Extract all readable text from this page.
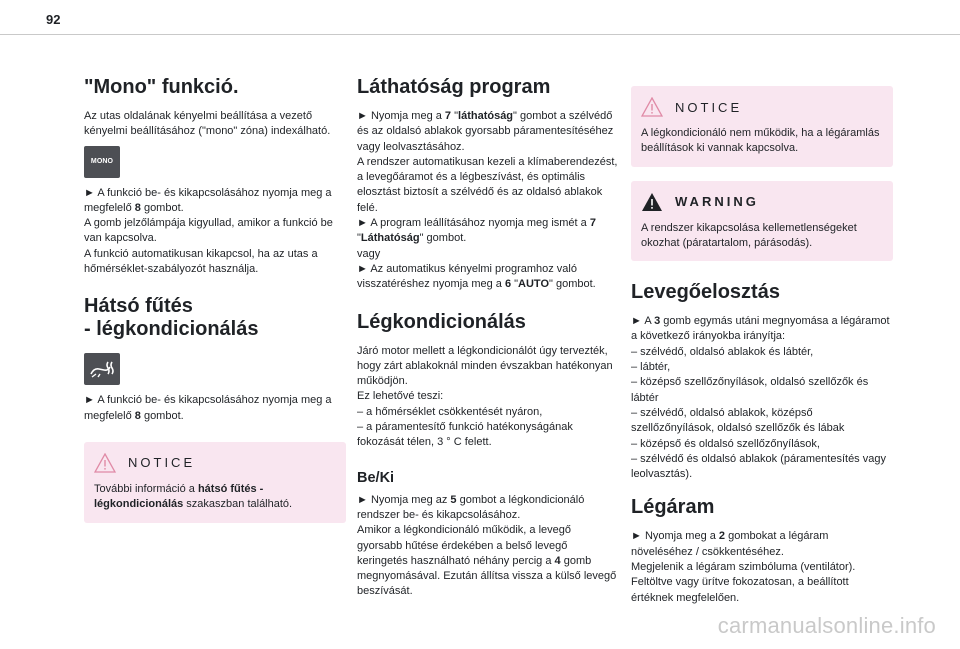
92
"Mono" funkció.

Az utas oldalának kényelmi beállítása a vezető kényelmi beállításához ("mono" zóna) indexálható.

MONO

► A funkció be- és kikapcsolásához nyomja meg a megfelelő 8 gombot.

A gomb jelzőlámpája kigyullad, amikor a funkció be van kapcsolva.

A funkció automatikusan kikapcsol, ha az utas a hőmérséklet-szabályozót használja.

Hátsó fűtés
- légkondicionálás

► A funkció be- és kikapcsolásához nyomja meg a megfelelő 8 gombot.

NOTICE

További információ a hátsó fűtés - légkondicionálás szakaszban található.

Láthatóság program

► Nyomja meg a 7 "láthatóság" gombot a szélvédő és az oldalsó ablakok gyorsabb páramentesítéséhez vagy leolvasztásához.

A rendszer automatikusan kezeli a klímaberendezést, a levegőáramot és a légbeszívást, és optimális elosztást biztosít a szélvédő és az oldalsó ablakok felé.

► A program leállításához nyomja meg ismét a 7 "Láthatóság" gombot.

vagy

► Az automatikus kényelmi programhoz való visszatéréshez nyomja meg a 6 "AUTO" gombot.

Légkondicionálás

Járó motor mellett a légkondicionálót úgy tervezték, hogy zárt ablakoknál minden évszakban hatékonyan működjön.

Ez lehetővé teszi:

– a hőmérséklet csökkentését nyáron,

– a páramentesítő funkció hatékonyságának fokozását télen, 3 ° C felett.

Be/Ki

► Nyomja meg az 5 gombot a légkondicionáló rendszer be- és kikapcsolásához.

Amikor a légkondicionáló működik, a levegő gyorsabb hűtése érdekében a belső levegő keringetés használható néhány percig a 4 gomb megnyomásával. Ezután állítsa vissza a külső levegő beszívását.

NOTICE

A légkondicionáló nem működik, ha a légáramlás beállítások ki vannak kapcsolva.

WARNING

A rendszer kikapcsolása kellemetlenségeket okozhat (páratartalom, párásodás).

Levegőelosztás

► A 3 gomb egymás utáni megnyomása a légáramot a következő irányokba irányítja:

– szélvédő, oldalsó ablakok és lábtér,

– lábtér,

– középső szellőzőnyílások, oldalsó szellőzők és lábtér

– szélvédő, oldalsó ablakok, középső szellőzőnyílások, oldalsó szellőzők és lábak

– középső és oldalsó szellőzőnyílások,

– szélvédő és oldalsó ablakok (páramentesítés vagy leolvasztás).

Légáram

► Nyomja meg a 2 gombokat a légáram növeléséhez / csökkentéséhez.

Megjelenik a légáram szimbóluma (ventilátor). Feltöltve vagy ürítve fokozatosan, a beállított értéknek megfelelően.

carmanualsonline.info
